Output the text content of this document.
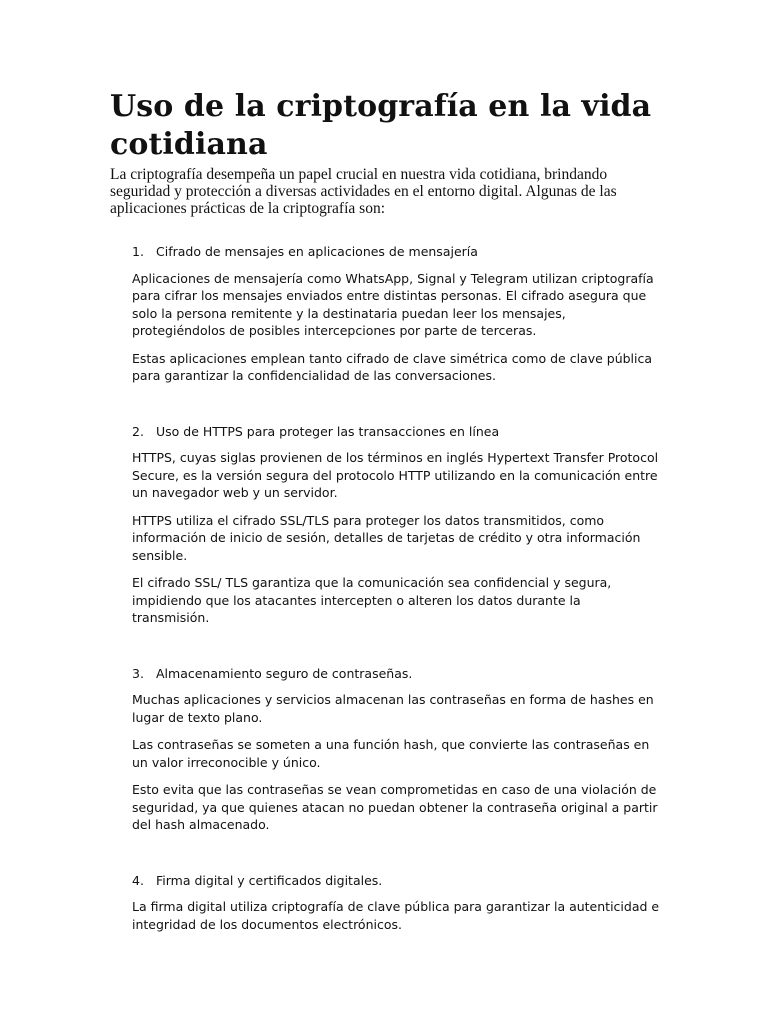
Uso de la criptografía en la vida cotidiana

La criptografía desempeña un papel crucial en nuestra vida cotidiana, brindando seguridad y protección a diversas actividades en el entorno digital. Algunas de las aplicaciones prácticas de la criptografía son:

1. Cifrado de mensajes en aplicaciones de mensajería

Aplicaciones de mensajería como WhatsApp, Signal y Telegram utilizan criptografía para cifrar los mensajes enviados entre distintas personas. El cifrado asegura que solo la persona remitente y la destinataria puedan leer los mensajes, protegiéndolos de posibles intercepciones por parte de terceras.

Estas aplicaciones emplean tanto cifrado de clave simétrica como de clave pública para garantizar la confidencialidad de las conversaciones.

2. Uso de HTTPS para proteger las transacciones en línea

HTTPS, cuyas siglas provienen de los términos en inglés Hypertext Transfer Protocol Secure, es la versión segura del protocolo HTTP utilizando en la comunicación entre un navegador web y un servidor.

HTTPS utiliza el cifrado SSL/TLS para proteger los datos transmitidos, como información de inicio de sesión, detalles de tarjetas de crédito y otra información sensible.

El cifrado SSL/ TLS garantiza que la comunicación sea confidencial y segura, impidiendo que los atacantes intercepten o alteren los datos durante la transmisión.

3. Almacenamiento seguro de contraseñas.

Muchas aplicaciones y servicios almacenan las contraseñas en forma de hashes en lugar de texto plano.

Las contraseñas se someten a una función hash, que convierte las contraseñas en un valor irreconocible y único.

Esto evita que las contraseñas se vean comprometidas en caso de una violación de seguridad, ya que quienes atacan no puedan obtener la contraseña original a partir del hash almacenado.

4. Firma digital y certificados digitales.

La firma digital utiliza criptografía de clave pública para garantizar la autenticidad e integridad de los documentos electrónicos.
